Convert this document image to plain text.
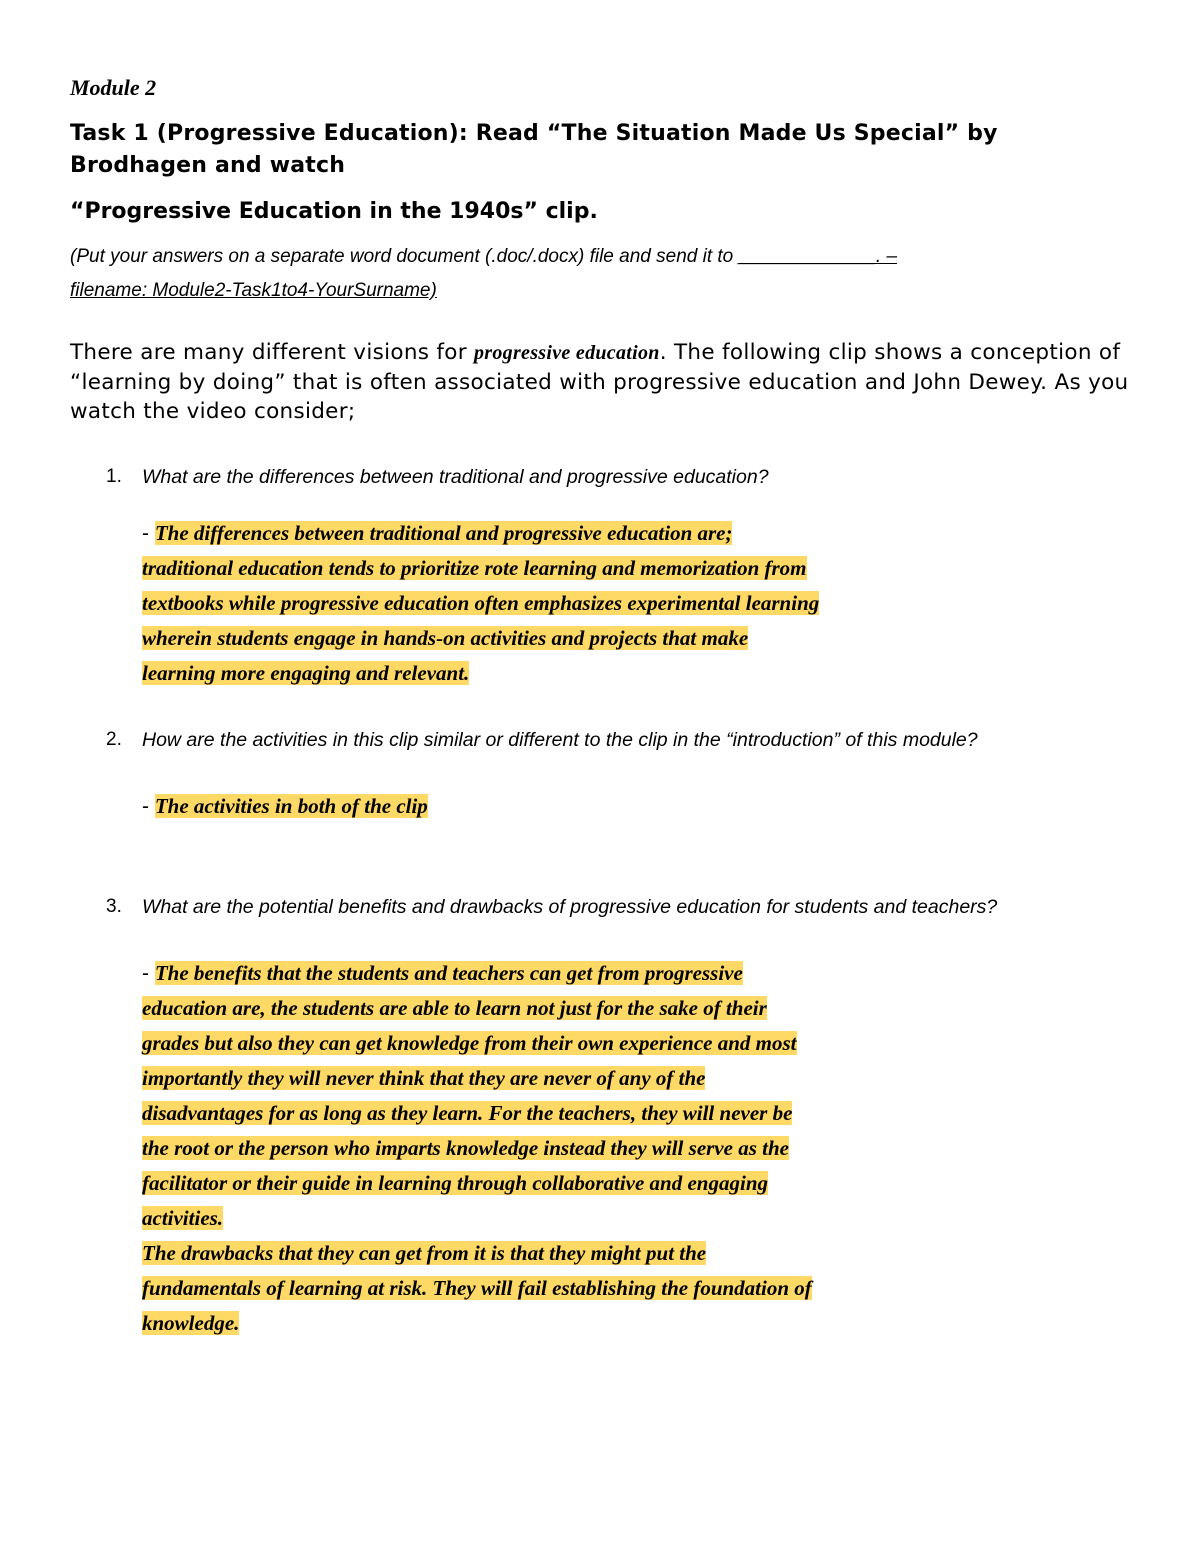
Module 2

Task 1 (Progressive Education): Read “The Situation Made Us Special” by Brodhagen and watch

“Progressive Education in the 1940s” clip.

(Put your answers on a separate word document (.doc/.docx) file and send it to _____________. –
filename: Module2-Task1to4-YourSurname)

There are many different visions for progressive education. The following clip shows a conception of “learning by doing” that is often associated with progressive education and John Dewey. As you watch the video consider;

1. What are the differences between traditional and progressive education?

- The differences between traditional and progressive education are;
traditional education tends to prioritize rote learning and memorization from
textbooks while progressive education often emphasizes experimental learning
wherein students engage in hands-on activities and projects that make
learning more engaging and relevant.

2. How are the activities in this clip similar or different to the clip in the “introduction” of this module?

- The activities in both of the clip

3. What are the potential benefits and drawbacks of progressive education for students and teachers?

- The benefits that the students and teachers can get from progressive
education are, the students are able to learn not just for the sake of their
grades but also they can get knowledge from their own experience and most
importantly they will never think that they are never of any of the
disadvantages for as long as they learn. For the teachers, they will never be
the root or the person who imparts knowledge instead they will serve as the
facilitator or their guide in learning through collaborative and engaging
activities.
The drawbacks that they can get from it is that they might put the
fundamentals of learning at risk. They will fail establishing the foundation of
knowledge.
